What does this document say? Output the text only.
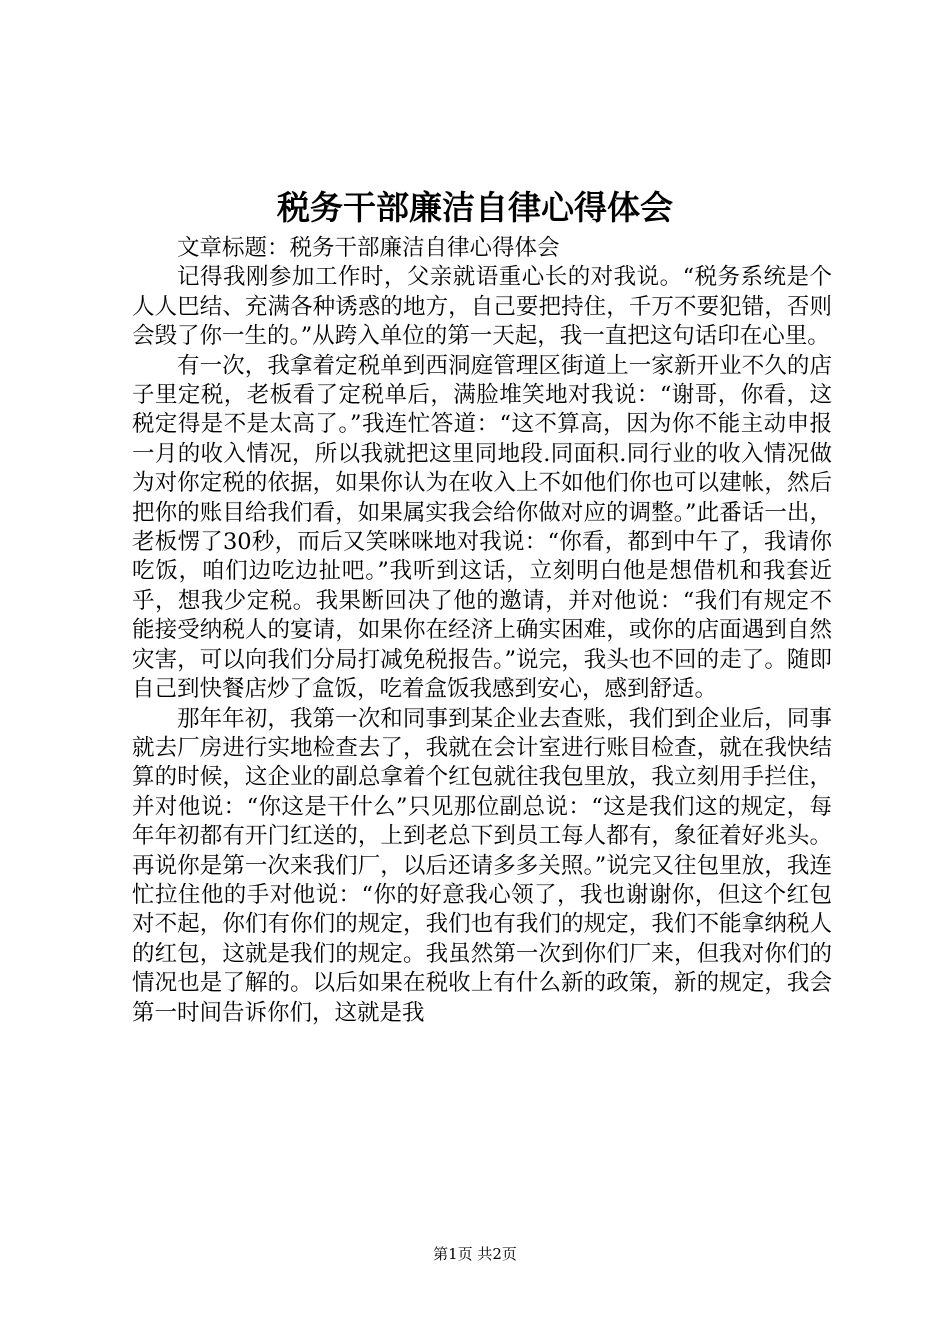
税务干部廉洁自律心得体会

文章标题：税务干部廉洁自律心得体会

记得我刚参加工作时，父亲就语重心长的对我说。“税务系统是个人人巴结、充满各种诱惑的地方，自己要把持住，千万不要犯错，否则会毁了你一生的。”从跨入单位的第一天起，我一直把这句话印在心里。

有一次，我拿着定税单到西洞庭管理区街道上一家新开业不久的店子里定税，老板看了定税单后，满脸堆笑地对我说：“谢哥，你看，这税定得是不是太高了。”我连忙答道：“这不算高，因为你不能主动申报一月的收入情况，所以我就把这里同地段.同面积.同行业的收入情况做为对你定税的依据，如果你认为在收入上不如他们你也可以建帐，然后把你的账目给我们看，如果属实我会给你做对应的调整。”此番话一出，老板愣了30秒，而后又笑咪咪地对我说：“你看，都到中午了，我请你吃饭，咱们边吃边扯吧。”我听到这话，立刻明白他是想借机和我套近乎，想我少定税。我果断回决了他的邀请，并对他说：“我们有规定不能接受纳税人的宴请，如果你在经济上确实困难，或你的店面遇到自然灾害，可以向我们分局打减免税报告。”说完，我头也不回的走了。随即自己到快餐店炒了盒饭，吃着盒饭我感到安心，感到舒适。

那年年初，我第一次和同事到某企业去查账，我们到企业后，同事就去厂房进行实地检查去了，我就在会计室进行账目检查，就在我快结算的时候，这企业的副总拿着个红包就往我包里放，我立刻用手拦住，并对他说：“你这是干什么”只见那位副总说：“这是我们这的规定，每年年初都有开门红送的，上到老总下到员工每人都有，象征着好兆头。再说你是第一次来我们厂，以后还请多多关照。”说完又往包里放，我连忙拉住他的手对他说：“你的好意我心领了，我也谢谢你，但这个红包对不起，你们有你们的规定，我们也有我们的规定，我们不能拿纳税人的红包，这就是我们的规定。我虽然第一次到你们厂来，但我对你们的情况也是了解的。以后如果在税收上有什么新的政策，新的规定，我会第一时间告诉你们，这就是我

第1页 共2页
